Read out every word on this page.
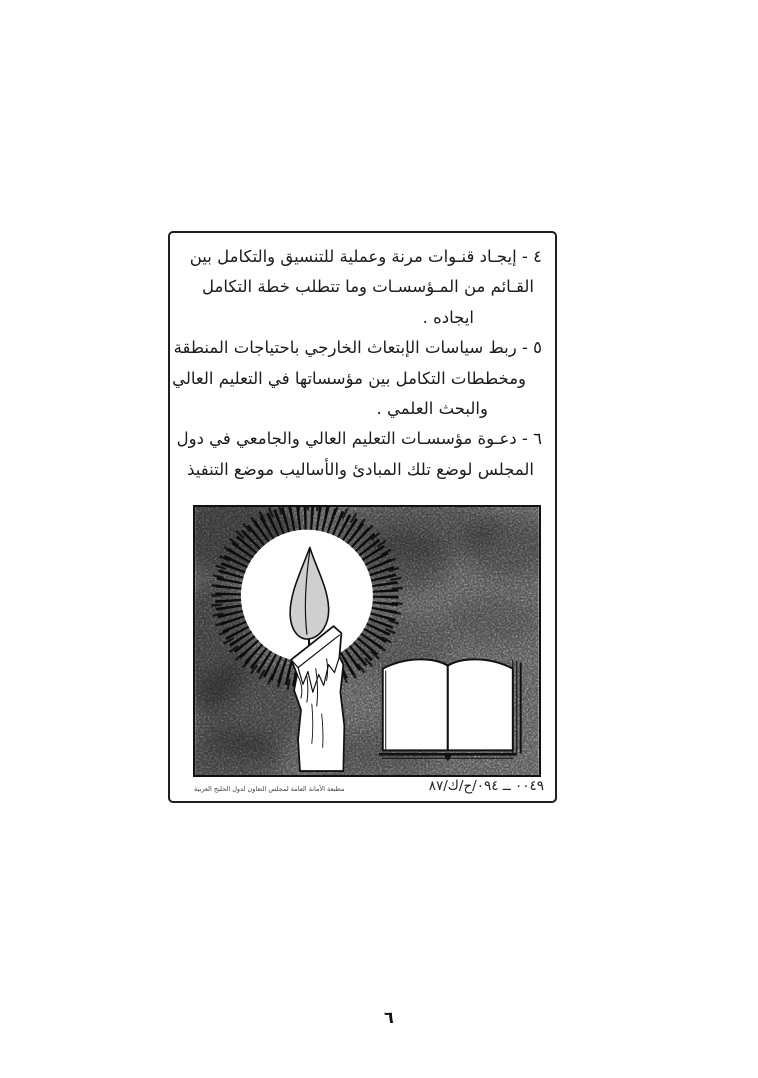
٤ - إيجـاد قنـوات مرنة وعملية للتنسيق والتكامل بين
القـائم من المـؤسسـات وما تتطلب خطة التكامل
ايجاده .
٥ - ربط سياسات الإبتعاث الخارجي باحتياجات المنطقة
ومخططات التكامل بين مؤسساتها في التعليم العالي
والبحث العلمي .
٦ - دعـوة مؤسسـات التعليم العالي والجامعي في دول
المجلس لوضع تلك المبادئ والأساليب موضع التنفيذ
٠٠٤٩ ــ ٠٩٤/ح/ك/٨٧
مطبعة الأمانة العامة لمجلس التعاون لدول الخليج العربية
٦
